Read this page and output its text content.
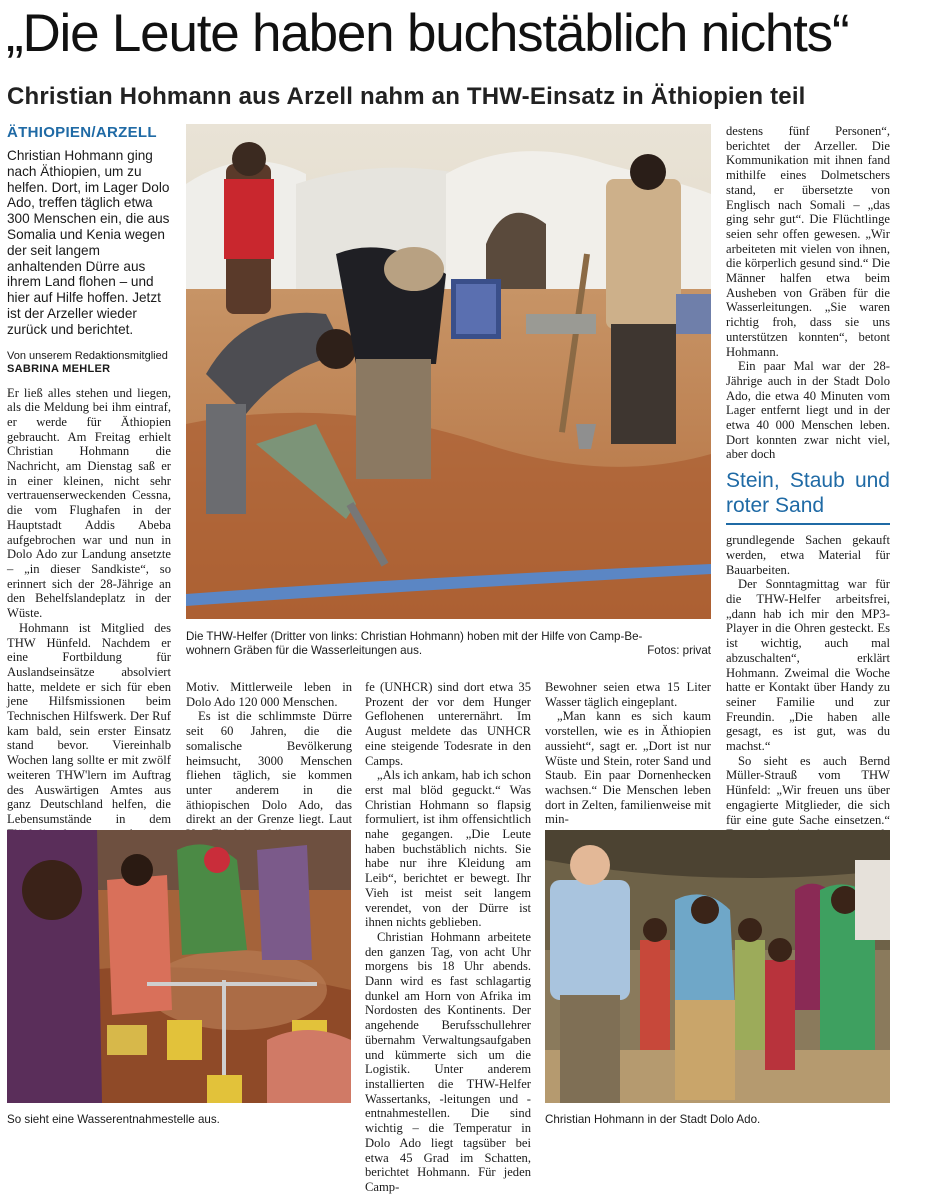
„Die Leute haben buchstäblich nichts“
Christian Hohmann aus Arzell nahm an THW-Einsatz in Äthiopien teil
ÄTHIOPIEN/ARZELL

Christian Hohmann ging nach Äthiopien, um zu helfen. Dort, im Lager Dolo Ado, treffen täglich etwa 300 Menschen ein, die aus Somalia und Kenia wegen der seit langem anhaltenden Dürre aus ihrem Land flohen – und hier auf Hilfe hoffen. Jetzt ist der Arzeller wieder zurück und berichtet.

Von unserem Redaktionsmitglied

SABRINA MEHLER

Er ließ alles stehen und liegen, als die Meldung bei ihm eintraf, er werde für Äthiopien gebraucht. Am Freitag erhielt Christian Hohmann die Nachricht, am Dienstag saß er in einer kleinen, nicht sehr vertrauenserweckenden Cessna, die vom Flughafen in der Hauptstadt Addis Abeba aufgebrochen war und nun in Dolo Ado zur Landung ansetzte – „in dieser Sandkiste“, so erinnert sich der 28-Jährige an den Behelfslandeplatz in der Wüste.

Hohmann ist Mitglied des THW Hünfeld. Nachdem er eine Fortbildung für Auslandseinsätze absolviert hatte, meldete er sich für eben jene Hilfsmissionen beim Technischen Hilfswerk. Der Ruf kam bald, sein erster Einsatz stand bevor. Viereinhalb Wochen lang sollte er mit zwölf weiteren THW'lern im Auftrag des Auswärtigen Amtes aus ganz Deutschland helfen, die Lebensumstände in dem

Die THW-Helfer (Dritter von links: Christian Hohmann) hoben mit der Hilfe von Camp-Be-
wohnern Gräben für die Wasserleitungen aus.	Fotos: privat

Motiv. Mittlerweile leben in Dolo Ado 120 000 Menschen.

Es ist die schlimmste Dürre seit 60 Jahren, die die somalische Bevölkerung heimsucht, 3000 Menschen fliehen täglich, sie kommen unter anderem in die äthiopischen Dolo Ado, das direkt an der Grenze liegt. Laut

fe (UNHCR) sind dort etwa 35 Prozent der vor dem Hunger Geflohenen unterernährt. Im August meldete das UNHCR eine steigende Todesrate in den Camps.

„Als ich ankam, hab ich schon erst mal blöd geguckt.“ Was Christian Hohmann so flapsig formuliert, ist ihm offensichtlich nahe gegangen. „Die Leute haben buchstäblich nichts. Sie habe nur ihre Kleidung am Leib“, berichtet er bewegt. Ihr Vieh ist meist seit langem verendet, von der Dürre ist ihnen nichts geblieben.

Christian Hohmann arbeitete den ganzen Tag, von acht Uhr morgens bis 18 Uhr abends. Dann wird es fast schlagartig dunkel am Horn von Afrika im Nordosten des Kontinents. Der angehende Berufsschullehrer übernahm Verwaltungsaufgaben und kümmerte sich um die Logistik. Unter anderem installierten die THW-Helfer Wassertanks, -leitungen und -entnahmestellen. Die sind wichtig – die Temperatur in Dolo Ado liegt tagsüber bei etwa 45 Grad im Schatten, berichtet Hohmann. Für jeden Camp-

Bewohner seien etwa 15 Liter Wasser täglich eingeplant.

„Man kann es sich kaum vorstellen, wie es in Äthiopien aussieht“, sagt er. „Dort ist nur Wüste und Stein, roter Sand und Staub. Ein paar Dornenhecken wachsen.“ Die Menschen leben dort in Zelten, familienweise mit min-

destens fünf Personen“, berichtet der Arzeller. Die Kommunikation mit ihnen fand mithilfe eines Dolmetschers stand, er übersetzte von Englisch nach Somali – „das ging sehr gut“. Die Flüchtlinge seien sehr offen gewesen. „Wir arbeiteten mit vielen von ihnen, die körperlich gesund sind.“ Die Männer halfen etwa beim Ausheben von Gräben für die Wasserleitungen. „Sie waren richtig froh, dass sie uns unterstützen konnten“, betont Hohmann.

Ein paar Mal war der 28-Jährige auch in der Stadt Dolo Ado, die etwa 40 Minuten vom Lager entfernt liegt und in der etwa 40 000 Menschen leben. Dort konnten zwar nicht viel, aber doch

Stein, Staub und roter Sand

grundlegende Sachen gekauft werden, etwa Material für Bauarbeiten.

Der Sonntagmittag war für die THW-Helfer arbeitsfrei, „dann hab ich mir den MP3-Player in die Ohren gesteckt. Es ist wichtig, auch mal abzuschalten“, erklärt Hohmann. Zweimal die Woche hatte er Kontakt über Handy zu seiner Familie und zur Freundin. „Die haben alle gesagt, es ist gut, was du machst.“

So sieht es auch Bernd Müller-Strauß vom THW Hünfeld: „Wir freuen uns über engagierte Mitglieder, die sich für eine gute Sache einsetzen.“

So sieht eine Wasserentnahmestelle aus.	Christian Hohmann in der Stadt Dolo Ado.
